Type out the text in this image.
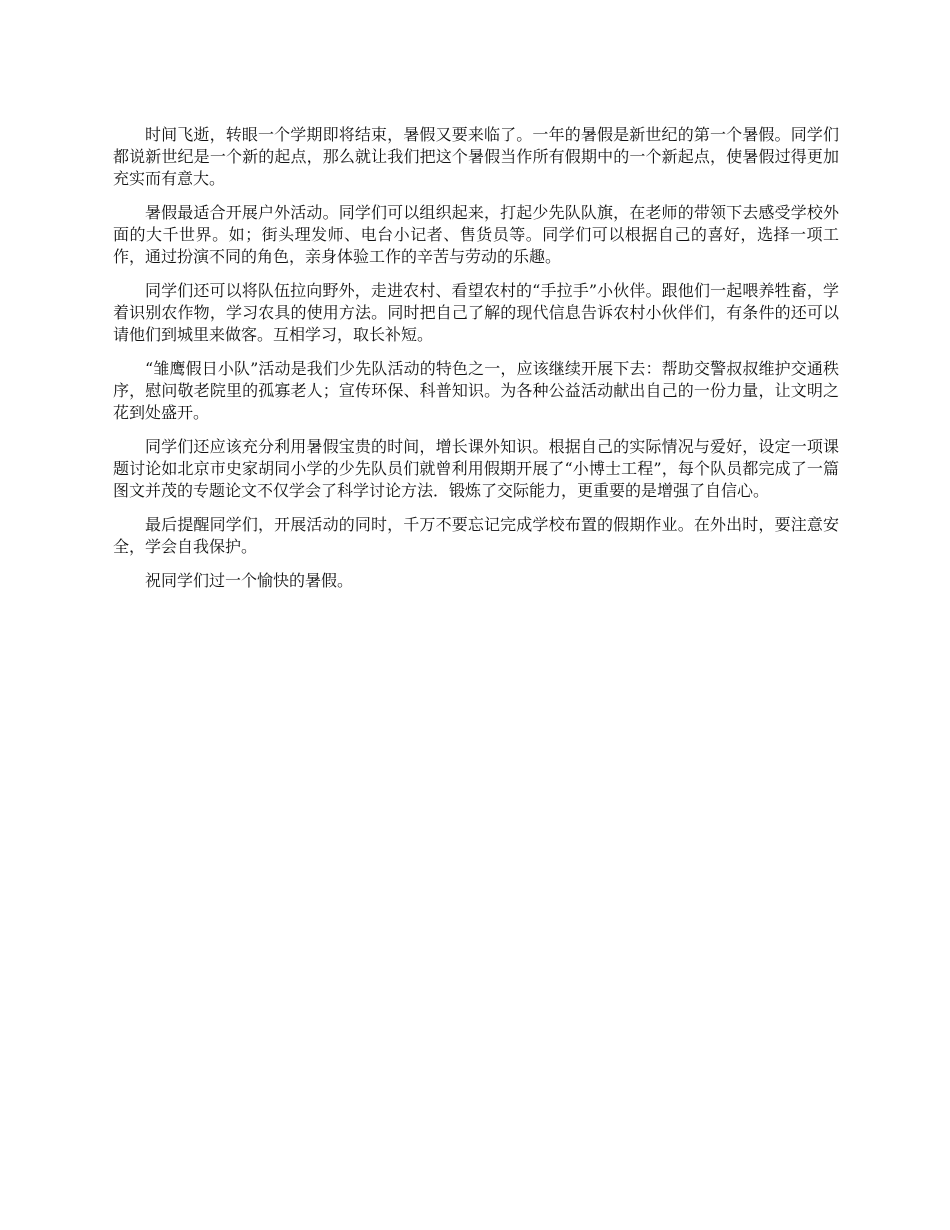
时间飞逝，转眼一个学期即将结束，暑假又要来临了。一年的暑假是新世纪的第一个暑假。同学们都说新世纪是一个新的起点，那么就让我们把这个暑假当作所有假期中的一个新起点，使暑假过得更加充实而有意大。

暑假最适合开展户外活动。同学们可以组织起来，打起少先队队旗，在老师的带领下去感受学校外面的大千世界。如；街头理发师、电台小记者、售货员等。同学们可以根据自己的喜好，选择一项工作，通过扮演不同的角色，亲身体验工作的辛苦与劳动的乐趣。

同学们还可以将队伍拉向野外，走进农村、看望农村的“手拉手”小伙伴。跟他们一起喂养牲畜，学着识别农作物，学习农具的使用方法。同时把自己了解的现代信息告诉农村小伙伴们，有条件的还可以请他们到城里来做客。互相学习，取长补短。

“雏鹰假日小队”活动是我们少先队活动的特色之一，应该继续开展下去：帮助交警叔叔维护交通秩序，慰问敬老院里的孤寡老人；宣传环保、科普知识。为各种公益活动献出自己的一份力量，让文明之花到处盛开。

同学们还应该充分利用暑假宝贵的时间，增长课外知识。根据自己的实际情况与爱好，设定一项课题讨论如北京市史家胡同小学的少先队员们就曾利用假期开展了“小博士工程”，每个队员都完成了一篇图文并茂的专题论文不仅学会了科学讨论方法．锻炼了交际能力，更重要的是增强了自信心。

最后提醒同学们，开展活动的同时，千万不要忘记完成学校布置的假期作业。在外出时，要注意安全，学会自我保护。

祝同学们过一个愉快的暑假。
